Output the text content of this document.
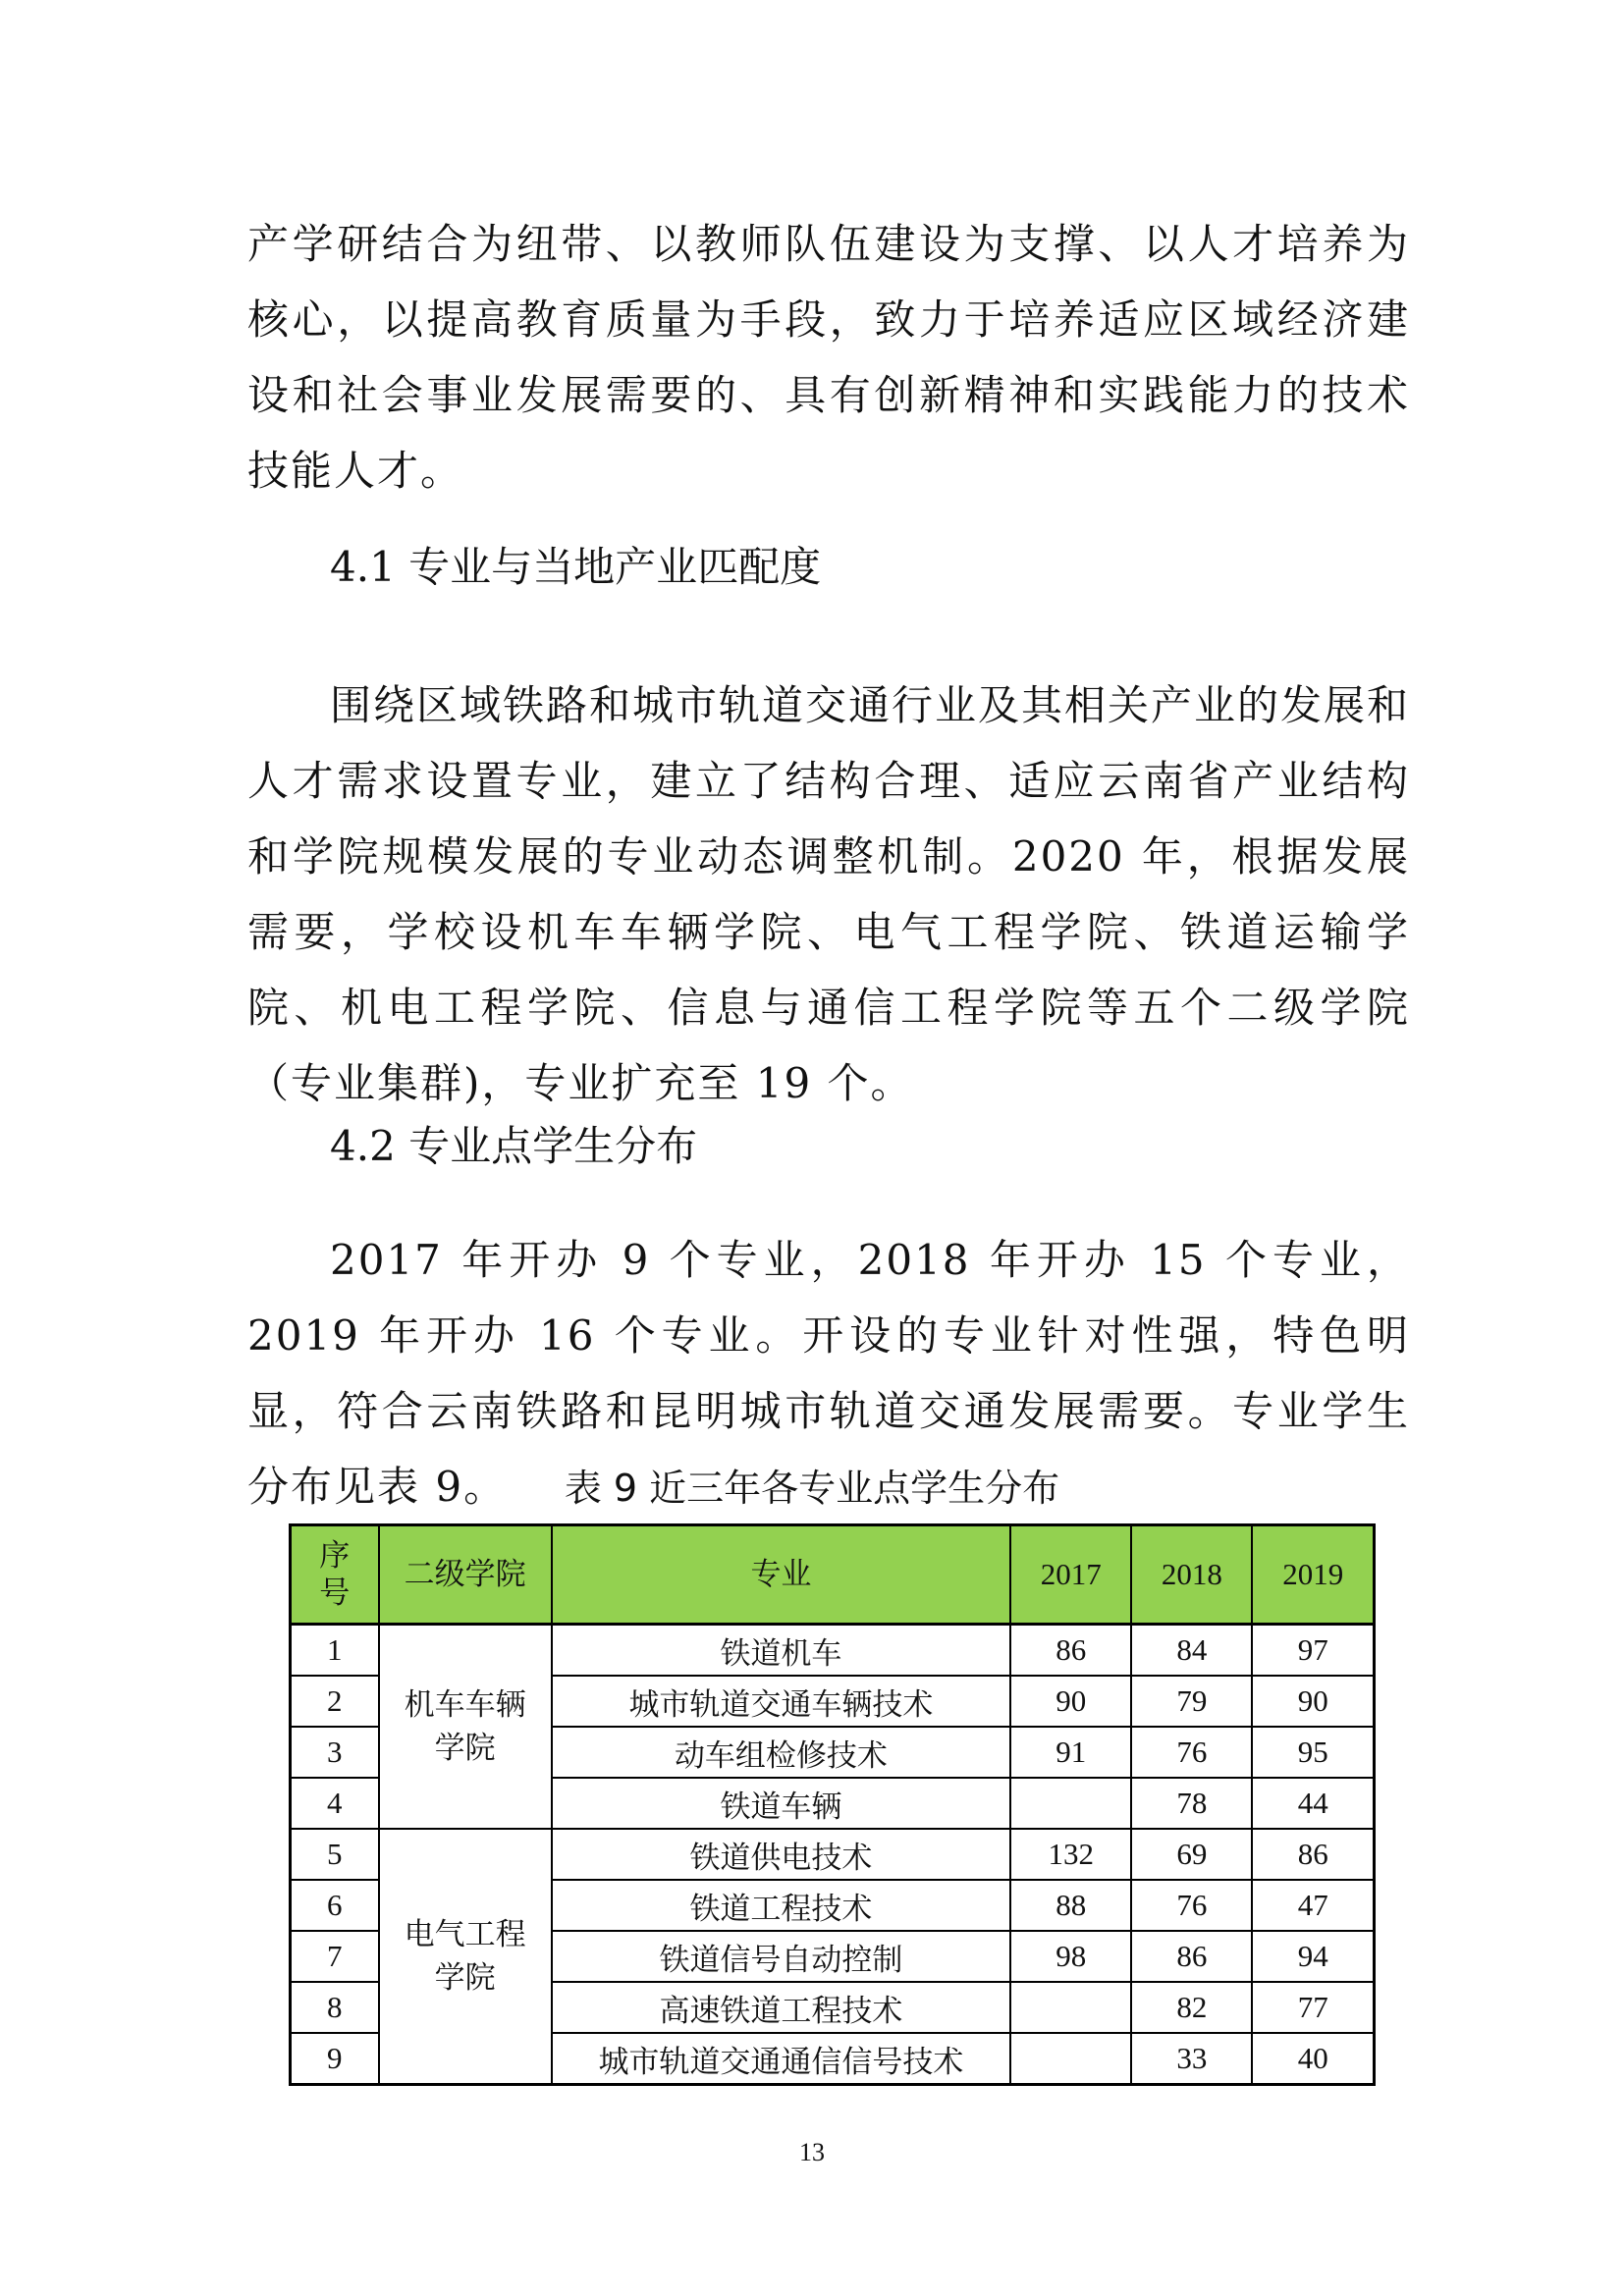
产学研结合为纽带、以教师队伍建设为支撑、以人才培养为核心，以提高教育质量为手段，致力于培养适应区域经济建设和社会事业发展需要的、具有创新精神和实践能力的技术技能人才。

4.1 专业与当地产业匹配度

围绕区域铁路和城市轨道交通行业及其相关产业的发展和人才需求设置专业，建立了结构合理、适应云南省产业结构和学院规模发展的专业动态调整机制。2020 年，根据发展需要，学校设机车车辆学院、电气工程学院、铁道运输学院、机电工程学院、信息与通信工程学院等五个二级学院（专业集群)，专业扩充至 19 个。

4.2 专业点学生分布

2017 年开办 9 个专业，2018 年开办 15 个专业，2019 年开办 16 个专业。开设的专业针对性强，特色明显，符合云南铁路和昆明城市轨道交通发展需要。专业学生分布见表 9。	表 9 近三年各专业点学生分布

序号	二级学院	专业	2017	2018	2019
1	机车车辆学院	铁道机车	86	84	97
2		城市轨道交通车辆技术	90	79	90
3		动车组检修技术	91	76	95
4		铁道车辆		78	44
5	电气工程学院	铁道供电技术	132	69	86
6		铁道工程技术	88	76	47
7		铁道信号自动控制	98	86	94
8		高速铁道工程技术		82	77
9		城市轨道交通通信信号技术		33	40

13
